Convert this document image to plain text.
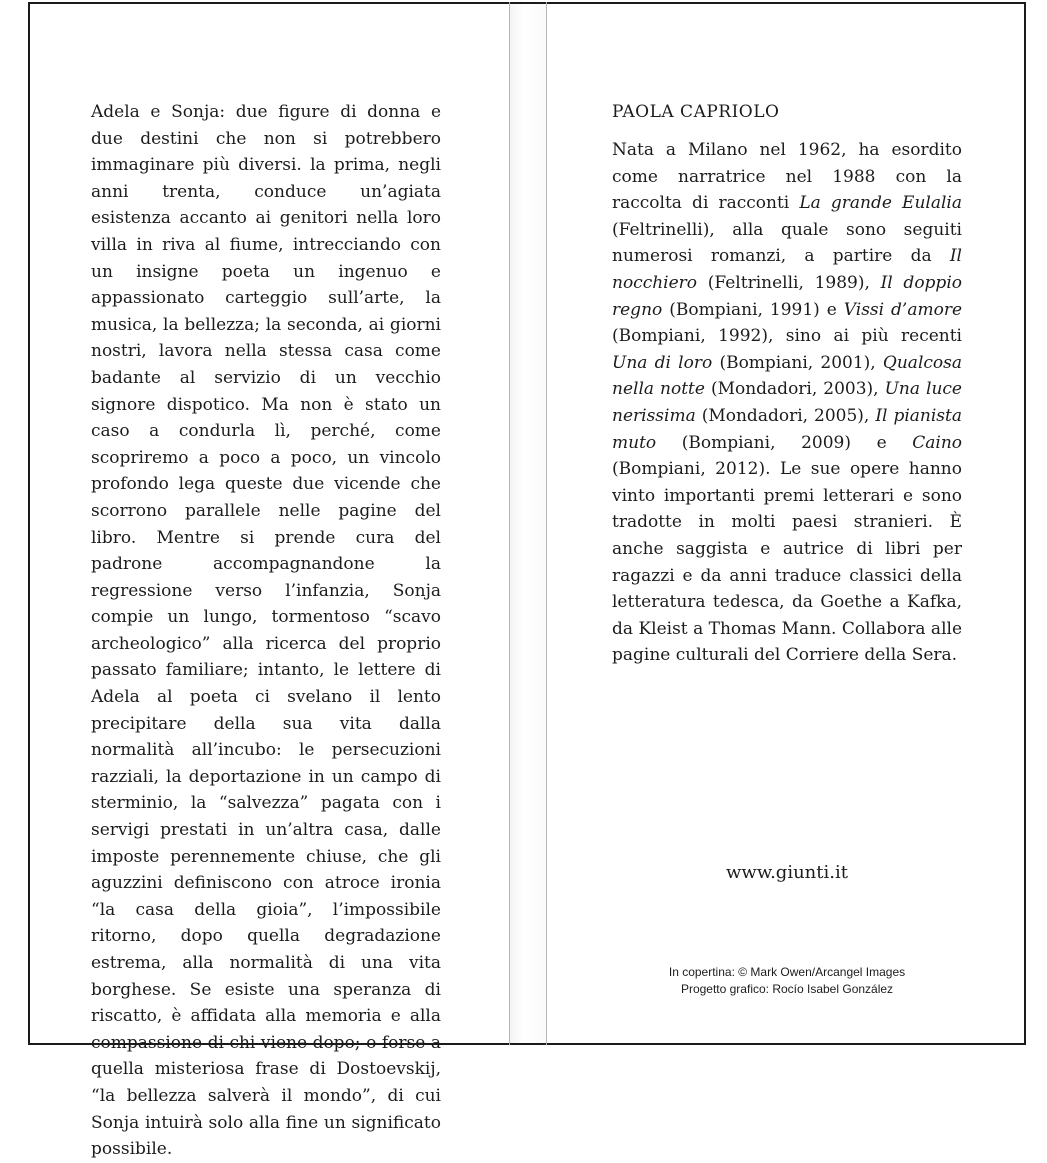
Adela e Sonja: due figure di donna e due destini che non si potrebbero immaginare più diversi. la prima, negli anni trenta, conduce un’agiata esistenza accanto ai genitori nella loro villa in riva al fiume, intrecciando con un insigne poeta un ingenuo e appassionato carteggio sull’arte, la musica, la bellezza; la seconda, ai giorni nostri, lavora nella stessa casa come badante al servizio di un vecchio signore dispotico. Ma non è stato un caso a condurla lì, perché, come scopriremo a poco a poco, un vincolo profondo lega queste due vicende che scorrono parallele nelle pagine del libro. Mentre si prende cura del padrone accompagnandone la regressione verso l’infanzia, Sonja compie un lungo, tormentoso “scavo archeologico” alla ricerca del proprio passato familiare; intanto, le lettere di Adela al poeta ci svelano il lento precipitare della sua vita dalla normalità all’incubo: le persecuzioni razziali, la deportazione in un campo di sterminio, la “salvezza” pagata con i servigi prestati in un’altra casa, dalle imposte perennemente chiuse, che gli aguzzini definiscono con atroce ironia “la casa della gioia”, l’impossibile ritorno, dopo quella degradazione estrema, alla normalità di una vita borghese. Se esiste una speranza di riscatto, è affidata alla memoria e alla compassione di chi viene dopo; o forse a quella misteriosa frase di Dostoevskij, “la bellezza salverà il mondo”, di cui Sonja intuirà solo alla fine un significato possibile.

PAOLA CAPRIOLO

Nata a Milano nel 1962, ha esordito come narratrice nel 1988 con la raccolta di racconti La grande Eulalia (Feltrinelli), alla quale sono seguiti numerosi romanzi, a partire da Il nocchiero (Feltrinelli, 1989), Il doppio regno (Bompiani, 1991) e Vissi d’amore (Bompiani, 1992), sino ai più recenti Una di loro (Bompiani, 2001), Qualcosa nella notte (Mondadori, 2003), Una luce nerissima (Mondadori, 2005), Il pianista muto (Bompiani, 2009) e Caino (Bompiani, 2012). Le sue opere hanno vinto importanti premi letterari e sono tradotte in molti paesi stranieri. È anche saggista e autrice di libri per ragazzi e da anni traduce classici della letteratura tedesca, da Goethe a Kafka, da Kleist a Thomas Mann. Collabora alle pagine culturali del Corriere della Sera.

www.giunti.it
In copertina: © Mark Owen/Arcangel Images
Progetto grafico: Rocío Isabel González
